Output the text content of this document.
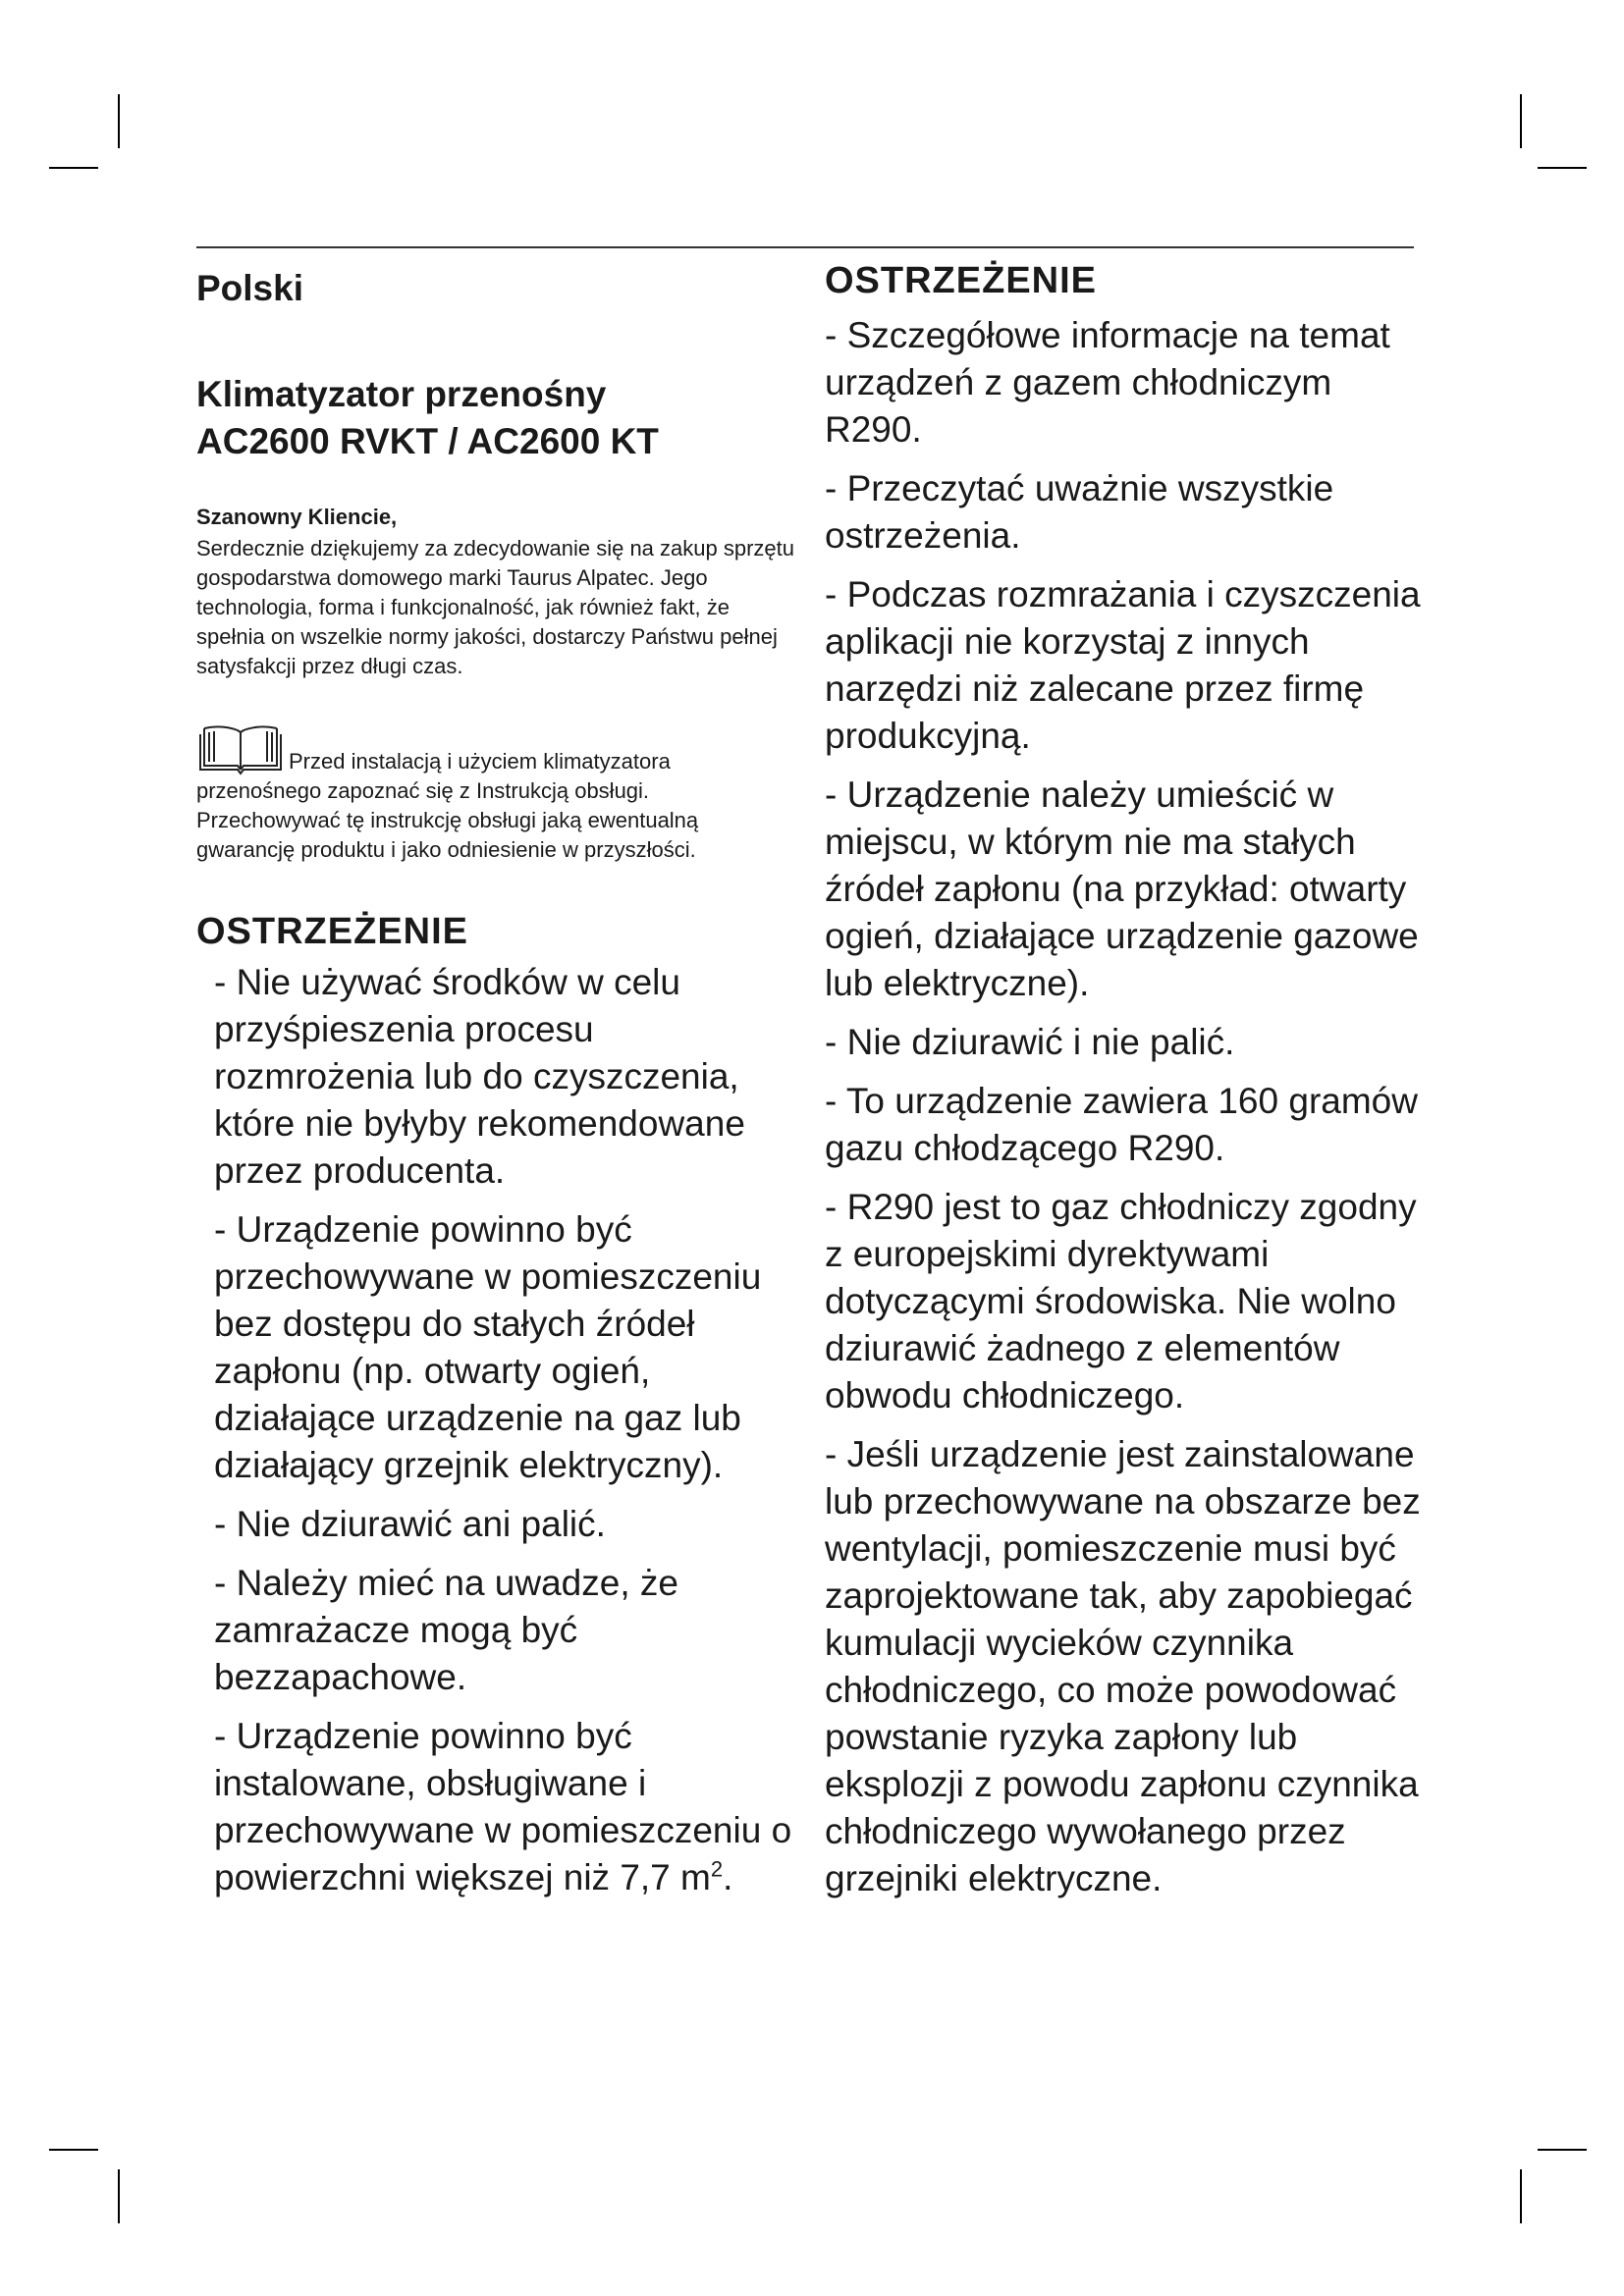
Polski
Klimatyzator przenośny
AC2600 RVKT / AC2600 KT

Szanowny Kliencie,

Serdecznie dziękujemy za zdecydowanie się na zakup sprzętu gospodarstwa domowego marki Taurus Alpatec. Jego technologia, forma i funkcjonalność, jak również fakt, że spełnia on wszelkie normy jakości, dostarczy Państwu pełnej satysfakcji przez długi czas.

Przed instalacją i użyciem klimatyzatora przenośnego zapoznać się z Instrukcją obsługi. Przechowywać tę instrukcję obsługi jaką ewentualną gwarancję produktu i jako odniesienie w przyszłości.

OSTRZEŻENIE

- Nie używać środków w celu przyśpieszenia procesu rozmrożenia lub do czyszczenia, które nie byłyby rekomendowane przez producenta.

- Urządzenie powinno być przechowywane w pomieszczeniu bez dostępu do stałych źródeł zapłonu (np. otwarty ogień, działające urządzenie na gaz lub działający grzejnik elektryczny).

- Nie dziurawić ani palić.

- Należy mieć na uwadze, że zamrażacze mogą być bezzapachowe.

- Urządzenie powinno być instalowane, obsługiwane i przechowywane w pomieszczeniu o powierzchni większej niż 7,7 $m^2$.

OSTRZEŻENIE

- Szczegółowe informacje na temat urządzeń z gazem chłodniczym R290.

- Przeczytać uważnie wszystkie ostrzeżenia.

- Podczas rozmrażania i czyszczenia aplikacji nie korzystaj z innych narzędzi niż zalecane przez firmę produkcyjną.

- Urządzenie należy umieścić w miejscu, w którym nie ma stałych źródeł zapłonu (na przykład: otwarty ogień, działające urządzenie gazowe lub elektryczne).

- Nie dziurawić i nie palić.

- To urządzenie zawiera 160 gramów gazu chłodzącego R290.

- R290 jest to gaz chłodniczy zgodny z europejskimi dyrektywami dotyczącymi środowiska. Nie wolno dziurawić żadnego z elementów obwodu chłodniczego.

- Jeśli urządzenie jest zainstalowane lub przechowywane na obszarze bez wentylacji, pomieszczenie musi być zaprojektowane tak, aby zapobiegać kumulacji wycieków czynnika chłodniczego, co może powodować powstanie ryzyka zapłony lub eksplozji z powodu zapłonu czynnika chłodniczego wywołanego przez grzejniki elektryczne.
